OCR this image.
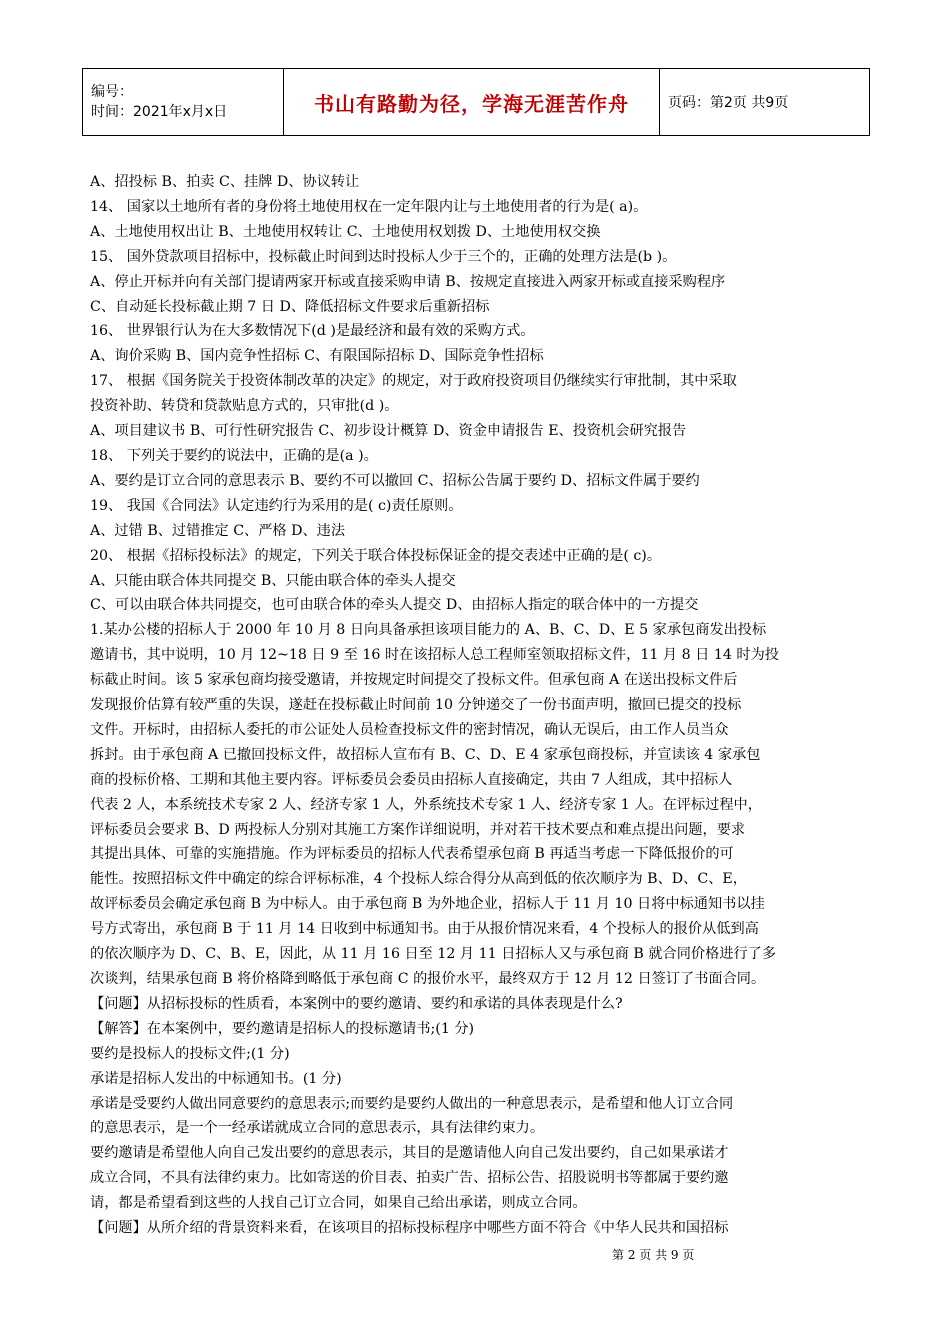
编号：
时间：2021年x月x日	书山有路勤为径，学海无涯苦作舟	页码：第2页 共9页

A、招投标 B、拍卖 C、挂牌 D、协议转让

14、 国家以土地所有者的身份将土地使用权在一定年限内让与土地使用者的行为是( a)。

A、土地使用权出让 B、土地使用权转让 C、土地使用权划拨 D、土地使用权交换

15、 国外贷款项目招标中，投标截止时间到达时投标人少于三个的，正确的处理方法是(b )。

A、停止开标并向有关部门提请两家开标或直接采购申请 B、按规定直接进入两家开标或直接采购程序

C、自动延长投标截止期 7 日 D、降低招标文件要求后重新招标

16、 世界银行认为在大多数情况下(d )是最经济和最有效的采购方式。

A、询价采购 B、国内竞争性招标 C、有限国际招标 D、国际竞争性招标

17、 根据《国务院关于投资体制改革的决定》的规定，对于政府投资项目仍继续实行审批制，其中采取

投资补助、转贷和贷款贴息方式的，只审批(d )。

A、项目建议书 B、可行性研究报告 C、初步设计概算 D、资金申请报告 E、投资机会研究报告

18、 下列关于要约的说法中，正确的是(a )。

A、要约是订立合同的意思表示 B、要约不可以撤回 C、招标公告属于要约 D、招标文件属于要约

19、 我国《合同法》认定违约行为采用的是( c)责任原则。

A、过错 B、过错推定 C、严格 D、违法

20、 根据《招标投标法》的规定，下列关于联合体投标保证金的提交表述中正确的是( c)。

A、只能由联合体共同提交 B、只能由联合体的牵头人提交

C、可以由联合体共同提交，也可由联合体的牵头人提交 D、由招标人指定的联合体中的一方提交

1.某办公楼的招标人于 2000 年 10 月 8 日向具备承担该项目能力的 A、B、C、D、E 5 家承包商发出投标

邀请书，其中说明，10 月 12~18 日 9 至 16 时在该招标人总工程师室领取招标文件，11 月 8 日 14 时为投

标截止时间。该 5 家承包商均接受邀请，并按规定时间提交了投标文件。但承包商 A 在送出投标文件后

发现报价估算有较严重的失误，遂赶在投标截止时间前 10 分钟递交了一份书面声明，撤回已提交的投标

文件。开标时，由招标人委托的市公证处人员检查投标文件的密封情况，确认无误后，由工作人员当众

拆封。由于承包商 A 已撤回投标文件，故招标人宣布有 B、C、D、E 4 家承包商投标，并宣读该 4 家承包

商的投标价格、工期和其他主要内容。评标委员会委员由招标人直接确定，共由 7 人组成，其中招标人

代表 2 人，本系统技术专家 2 人、经济专家 1 人，外系统技术专家 1 人、经济专家 1 人。在评标过程中，

评标委员会要求 B、D 两投标人分别对其施工方案作详细说明，并对若干技术要点和难点提出问题，要求

其提出具体、可靠的实施措施。作为评标委员的招标人代表希望承包商 B 再适当考虑一下降低报价的可

能性。按照招标文件中确定的综合评标标准，4 个投标人综合得分从高到低的依次顺序为 B、D、C、E，

故评标委员会确定承包商 B 为中标人。由于承包商 B 为外地企业，招标人于 11 月 10 日将中标通知书以挂

号方式寄出，承包商 B 于 11 月 14 日收到中标通知书。由于从报价情况来看，4 个投标人的报价从低到高

的依次顺序为 D、C、B、E，因此，从 11 月 16 日至 12 月 11 日招标人又与承包商 B 就合同价格进行了多

次谈判，结果承包商 B 将价格降到略低于承包商 C 的报价水平，最终双方于 12 月 12 日签订了书面合同。

【问题】从招标投标的性质看，本案例中的要约邀请、要约和承诺的具体表现是什么?

【解答】在本案例中，要约邀请是招标人的投标邀请书;(1 分)

要约是投标人的投标文件;(1 分)

承诺是招标人发出的中标通知书。(1 分)

承诺是受要约人做出同意要约的意思表示;而要约是要约人做出的一种意思表示，是希望和他人订立合同

的意思表示，是一个一经承诺就成立合同的意思表示，具有法律约束力。

要约邀请是希望他人向自己发出要约的意思表示，其目的是邀请他人向自己发出要约，自己如果承诺才

成立合同，不具有法律约束力。比如寄送的价目表、拍卖广告、招标公告、招股说明书等都属于要约邀

请，都是希望看到这些的人找自己订立合同，如果自己给出承诺，则成立合同。

【问题】从所介绍的背景资料来看，在该项目的招标投标程序中哪些方面不符合《中华人民共和国招标

第 2 页 共 9 页
